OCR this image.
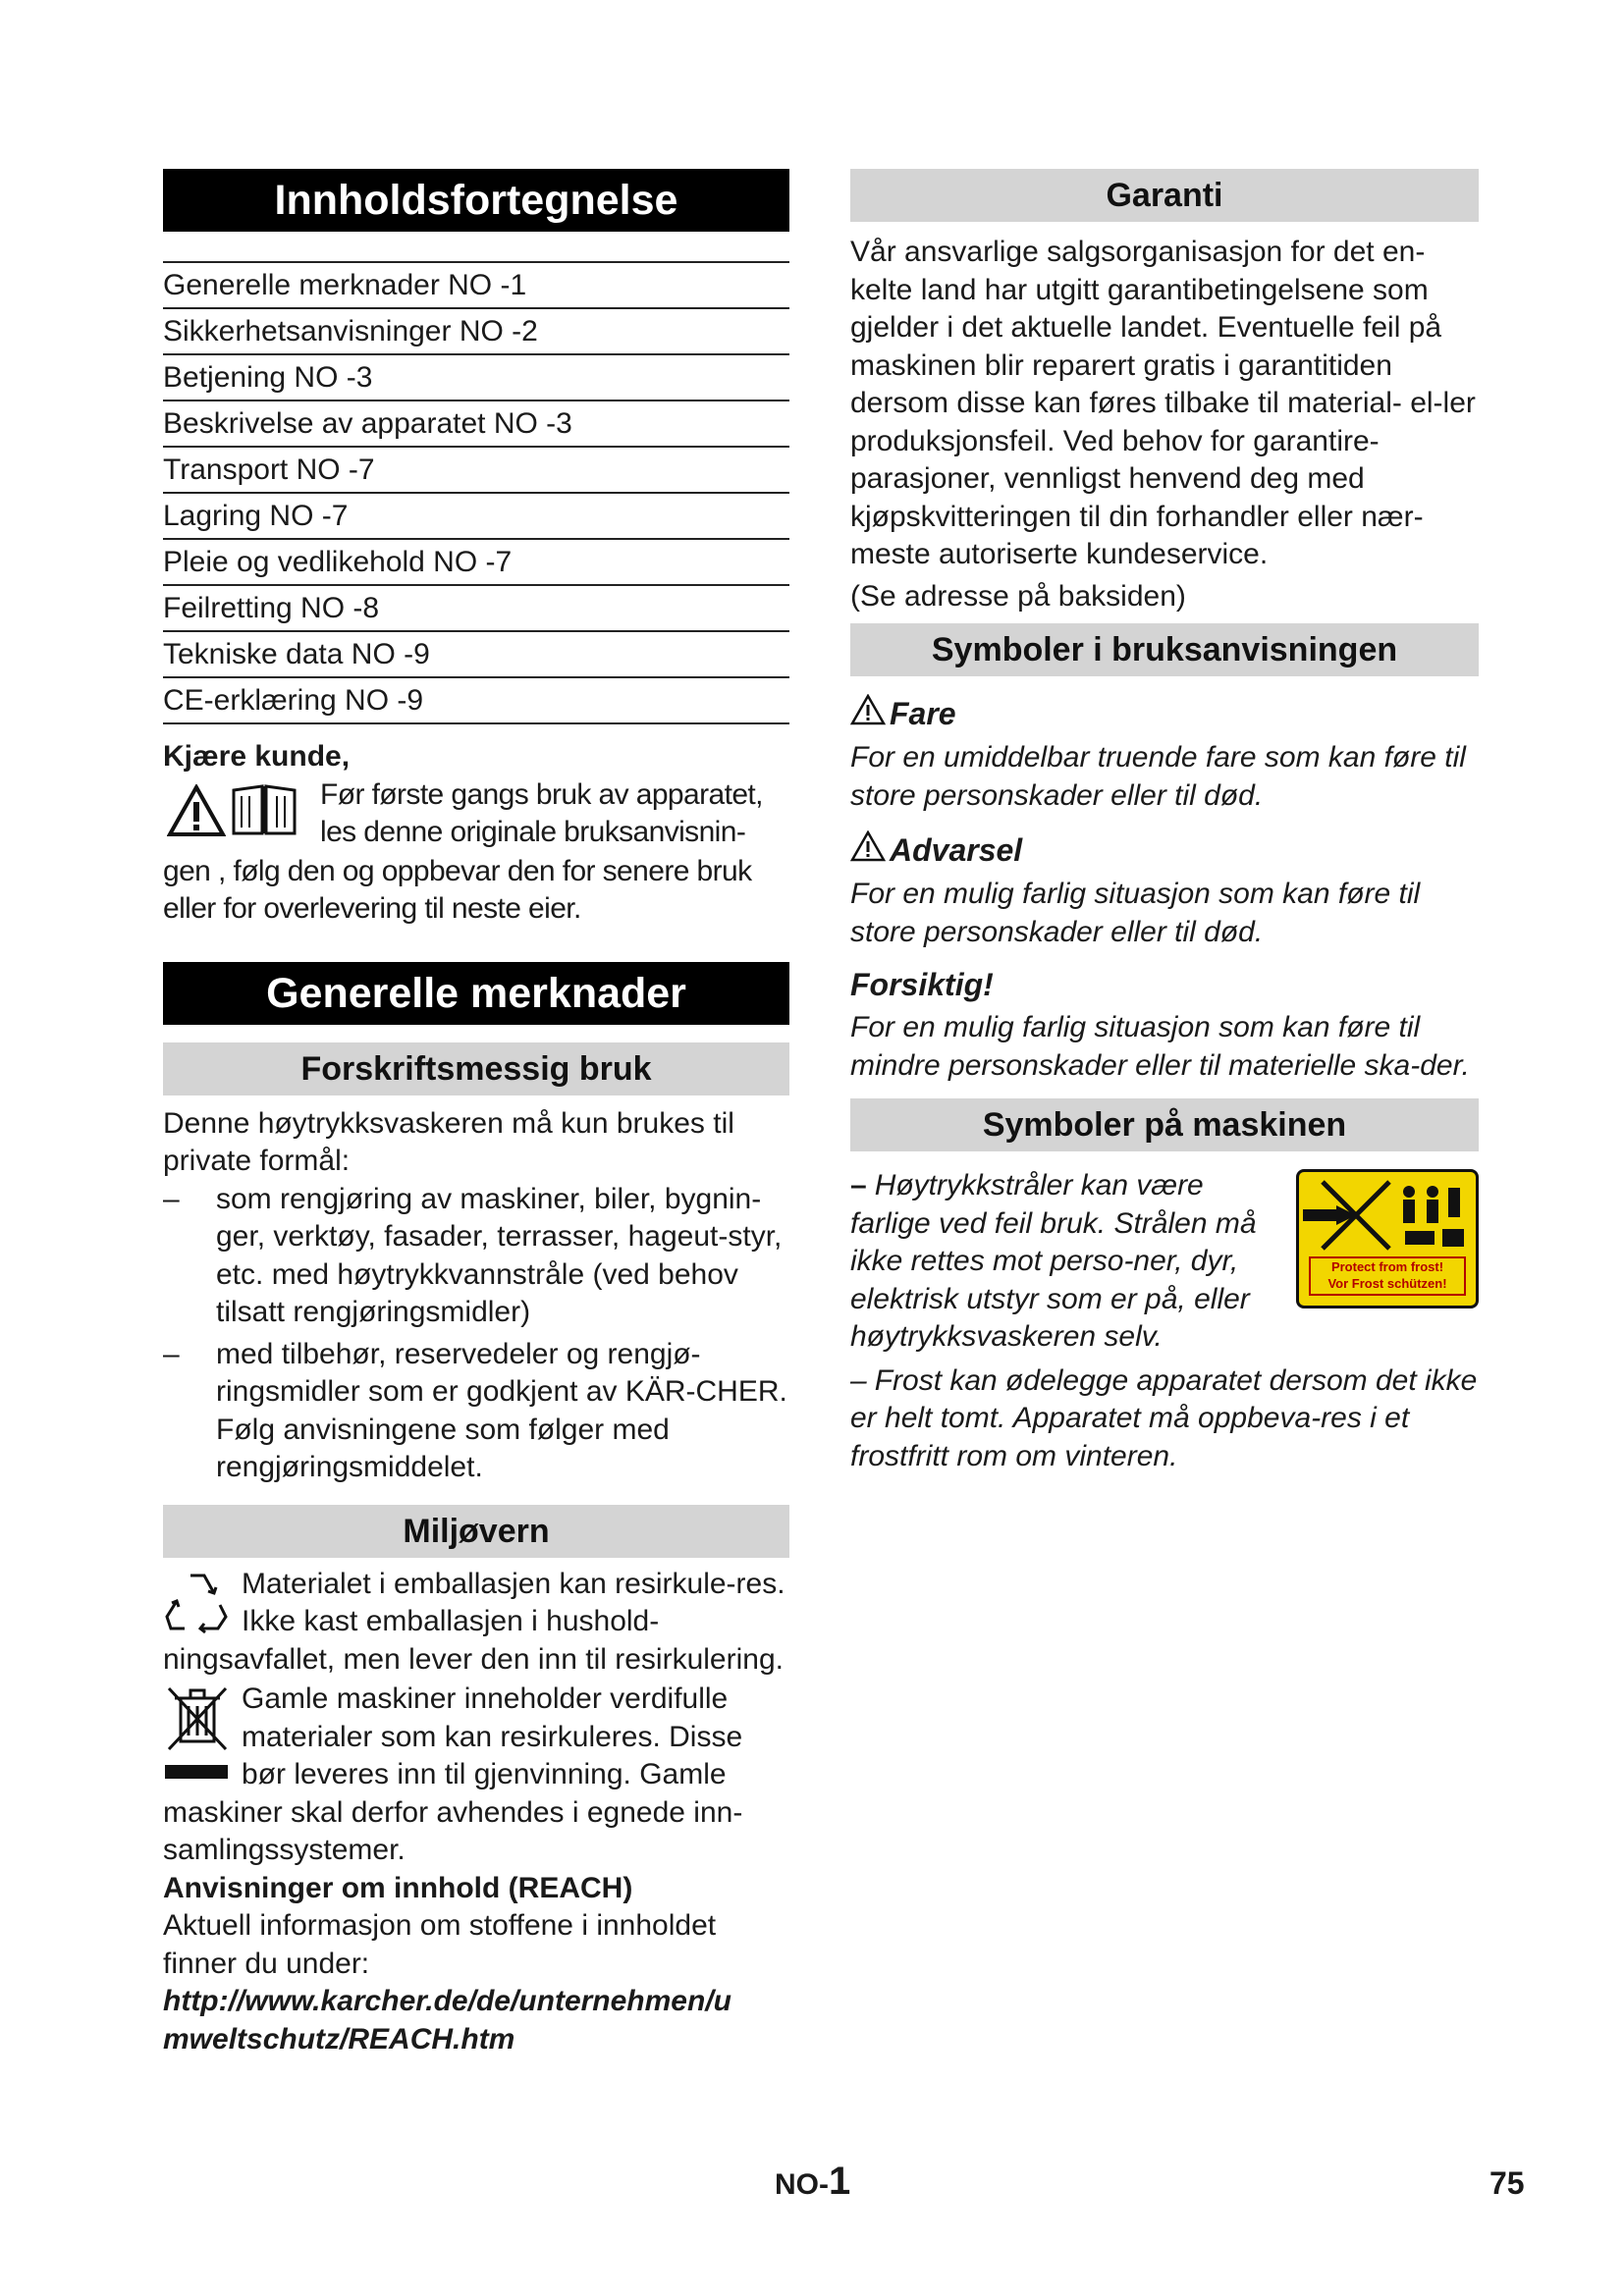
Innholdsfortegnelse
Generelle merknader NO -1
Sikkerhetsanvisninger NO -2
Betjening NO -3
Beskrivelse av apparatet NO -3
Transport NO -7
Lagring NO -7
Pleie og vedlikehold NO -7
Feilretting NO -8
Tekniske data NO -9
CE-erklæring NO -9

Kjære kunde,

Før første gangs bruk av apparatet,

les denne originale bruksanvisnin-

gen , følg den og oppbevar den for senere bruk eller for overlevering til neste eier.

Generelle merknader
Forskriftsmessig bruk

Denne høytrykksvaskeren må kun brukes til private formål:

– som rengjøring av maskiner, biler, bygnin-ger, verktøy, fasader, terrasser, hageut-styr, etc. med høytrykkvannstråle (ved behov tilsatt rengjøringsmidler)
– med tilbehør, reservedeler og rengjø-ringsmidler som er godkjent av KÄR-CHER. Følg anvisningene som følger med rengjøringsmiddelet.
Miljøvern

Materialet i emballasjen kan resirkule-res. Ikke kast emballasjen i hushold-ningsavfallet, men lever den inn til resirkulering.

Gamle maskiner inneholder verdifulle materialer som kan resirkuleres. Disse bør leveres inn til gjenvinning. Gamle maskiner skal derfor avhendes i egnede inn-samlingssystemer.

Anvisninger om innhold (REACH)

Aktuell informasjon om stoffene i innholdet finner du under:

http://www.karcher.de/de/unternehmen/umweltschutz/REACH.htm

Garanti

Vår ansvarlige salgsorganisasjon for det en-kelte land har utgitt garantibetingelsene som gjelder i det aktuelle landet. Eventuelle feil på maskinen blir reparert gratis i garantitiden dersom disse kan føres tilbake til material- el-ler produksjonsfeil. Ved behov for garantire-parasjoner, vennligst henvend deg med kjøpskvitteringen til din forhandler eller nær-meste autoriserte kundeservice.

(Se adresse på baksiden)

Symboler i bruksanvisningen
Fare

For en umiddelbar truende fare som kan føre til store personskader eller til død.

Advarsel

For en mulig farlig situasjon som kan føre til store personskader eller til død.

Forsiktig!

For en mulig farlig situasjon som kan føre til mindre personskader eller til materielle ska-der.

Symboler på maskinen
Protect from frost!
Vor Frost schützen!
– Høytrykkstråler kan være farlige ved feil bruk. Strålen må ikke rettes mot perso-ner, dyr, elektrisk utstyr som er på, eller høytrykksvaskeren selv.
– Frost kan ødelegge apparatet dersom det ikke er helt tomt. Apparatet må oppbeva-res i et frostfritt rom om vinteren.
NO-1	75
